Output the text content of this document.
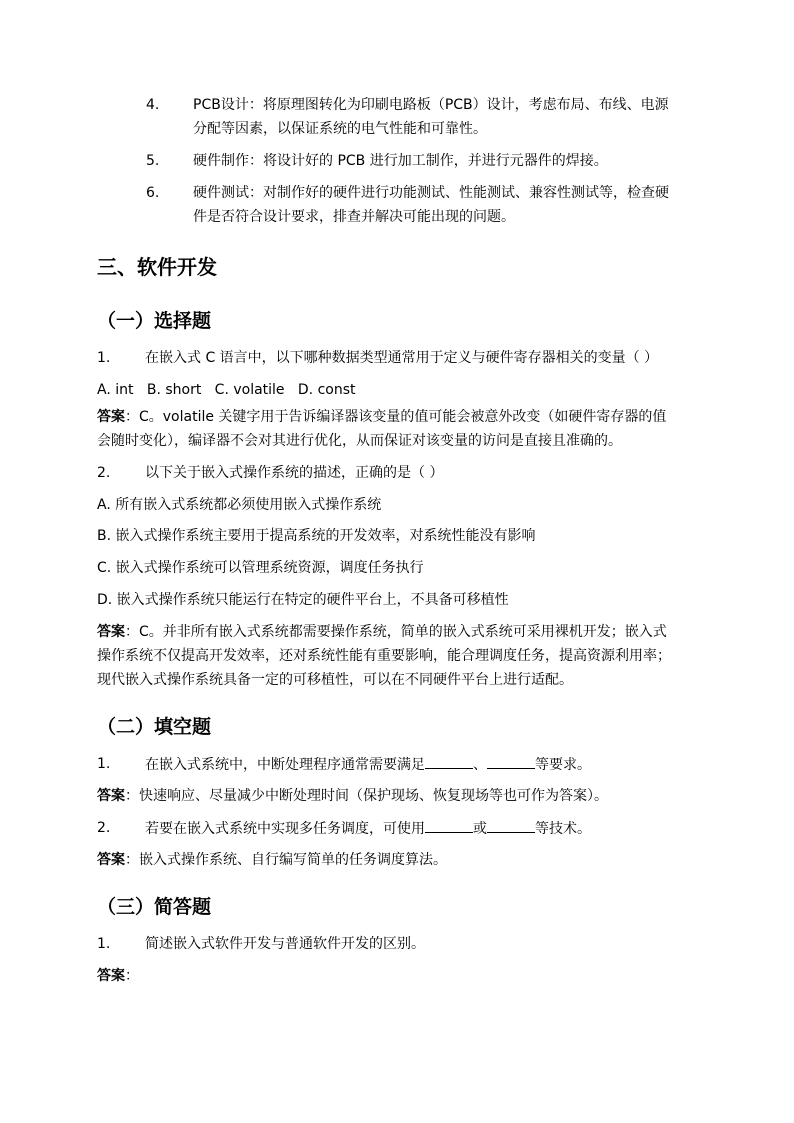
4. PCB设计：将原理图转化为印刷电路板（PCB）设计，考虑布局、布线、电源
分配等因素，以保证系统的电气性能和可靠性。
5. 硬件制作：将设计好的 PCB 进行加工制作，并进行元器件的焊接。
6. 硬件测试：对制作好的硬件进行功能测试、性能测试、兼容性测试等，检查硬
件是否符合设计要求，排查并解决可能出现的问题。
三、软件开发
（一）选择题
1. 在嵌入式 C 语言中，以下哪种数据类型通常用于定义与硬件寄存器相关的变量（ ）
A. int   B. short   C. volatile   D. const
答案：C。volatile 关键字用于告诉编译器该变量的值可能会被意外改变（如硬件寄存器的值
会随时变化），编译器不会对其进行优化，从而保证对该变量的访问是直接且准确的。
2. 以下关于嵌入式操作系统的描述，正确的是（ ）
A. 所有嵌入式系统都必须使用嵌入式操作系统
B. 嵌入式操作系统主要用于提高系统的开发效率，对系统性能没有影响
C. 嵌入式操作系统可以管理系统资源，调度任务执行
D. 嵌入式操作系统只能运行在特定的硬件平台上，不具备可移植性
答案：C。并非所有嵌入式系统都需要操作系统，简单的嵌入式系统可采用裸机开发；嵌入式
操作系统不仅提高开发效率，还对系统性能有重要影响，能合理调度任务，提高资源利用率；
现代嵌入式操作系统具备一定的可移植性，可以在不同硬件平台上进行适配。
（二）填空题
1. 在嵌入式系统中，中断处理程序通常需要满足	、	等要求。
答案：快速响应、尽量减少中断处理时间（保护现场、恢复现场等也可作为答案）。
2. 若要在嵌入式系统中实现多任务调度，可使用	或	等技术。
答案：嵌入式操作系统、自行编写简单的任务调度算法。
（三）简答题
1. 简述嵌入式软件开发与普通软件开发的区别。
答案：
